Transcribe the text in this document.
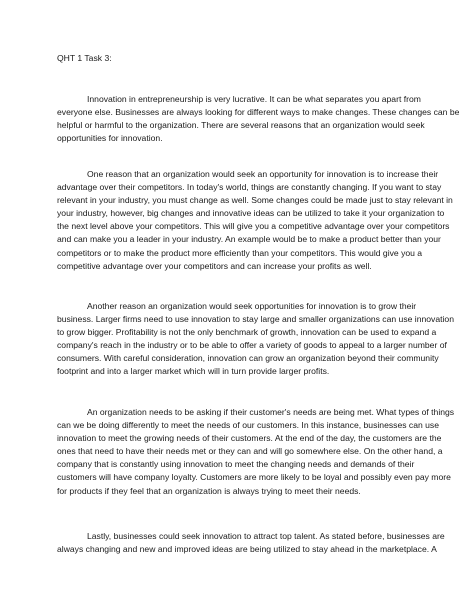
QHT 1 Task 3:
Innovation in entrepreneurship is very lucrative. It can be what separates you apart from
everyone else. Businesses are always looking for different ways to make changes. These changes can be
helpful or harmful to the organization. There are several reasons that an organization would seek
opportunities for innovation.
One reason that an organization would seek an opportunity for innovation is to increase their
advantage over their competitors. In today's world, things are constantly changing. If you want to stay
relevant in your industry, you must change as well. Some changes could be made just to stay relevant in
your industry, however, big changes and innovative ideas can be utilized to take it your organization to
the next level above your competitors. This will give you a competitive advantage over your competitors
and can make you a leader in your industry. An example would be to make a product better than your
competitors or to make the product more efficiently than your competitors. This would give you a
competitive advantage over your competitors and can increase your profits as well.
Another reason an organization would seek opportunities for innovation is to grow their
business. Larger firms need to use innovation to stay large and smaller organizations can use innovation
to grow bigger. Profitability is not the only benchmark of growth, innovation can be used to expand a
company's reach in the industry or to be able to offer a variety of goods to appeal to a larger number of
consumers. With careful consideration, innovation can grow an organization beyond their community
footprint and into a larger market which will in turn provide larger profits.
An organization needs to be asking if their customer's needs are being met. What types of things
can we be doing differently to meet the needs of our customers. In this instance, businesses can use
innovation to meet the growing needs of their customers. At the end of the day, the customers are the
ones that need to have their needs met or they can and will go somewhere else. On the other hand, a
company that is constantly using innovation to meet the changing needs and demands of their
customers will have company loyalty. Customers are more likely to be loyal and possibly even pay more
for products if they feel that an organization is always trying to meet their needs.
Lastly, businesses could seek innovation to attract top talent. As stated before, businesses are
always changing and new and improved ideas are being utilized to stay ahead in the marketplace. A
